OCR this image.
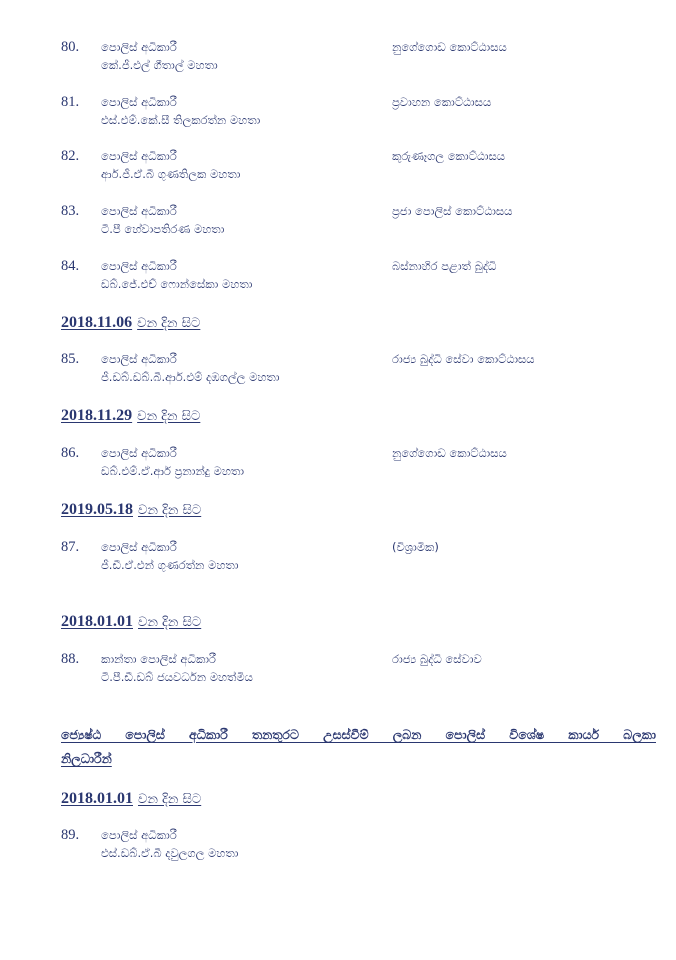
80. පොලිස් අධිකාරී
කේ.ජී.එල් ගීතාල් මහතා
නුගේගොඩ කොට්ඨාසය
81. පොලිස් අධිකාරී
එස්.එම්.කේ.සී තිලකරත්න මහතා
ප්‍රවාහන කොට්ඨාසය
82. පොලිස් අධිකාරී
ආර්.ජී.ඒ.බී ගුණතිලක මහතා
කුරුණෑගල කොට්ඨාසය
83. පොලිස් අධිකාරී
ටී.පී හේවාපතිරණ මහතා
ප්‍රජා පොලිස් කොට්ඨාසය
84. පොලිස් අධිකාරී
ඩබ්.ජේ.එච් ෆොන්සේකා මහතා
බස්නාහිර පළාත් බුද්ධි
2018.11.06 වන දින සිට
85. පොලිස් අධිකාරී
ජී.ඩබ්.ඩබ්.බී.ආර්.එම් දඹගල්ල මහතා
රාජ්‍ය බුද්ධි සේවා කොට්ඨාසය
2018.11.29 වන දින සිට
86. පොලිස් අධිකාරී
ඩබ්.එම්.ඒ.ආර් ප්‍රනාන්දු මහතා
නුගේගොඩ කොට්ඨාසය
2019.05.18 වන දින සිට
87. පොලිස් අධිකාරී
ජී.ඩී.ඒ.එන් ගුණරත්න මහතා
(විශ්‍රාමික)
2018.01.01 වන දින සිට
88. කාන්තා පොලිස් අධිකාරී
ටී.පී.ඩී.ඩබ් ජයවර්ධන මහත්මිය
රාජ්‍ය බුද්ධි සේවාව
ජ්‍යෙෂ්ඨ පොලිස් අධිකාරී තනතුරට උසස්වීම් ලබන පොලිස් විශේෂ කාර්ය බලකා
නිලධාරීන්
2018.01.01 වන දින සිට
89. පොලිස් අධිකාරී
එස්.ඩබ්.ඒ.බී දවුලගල මහතා
